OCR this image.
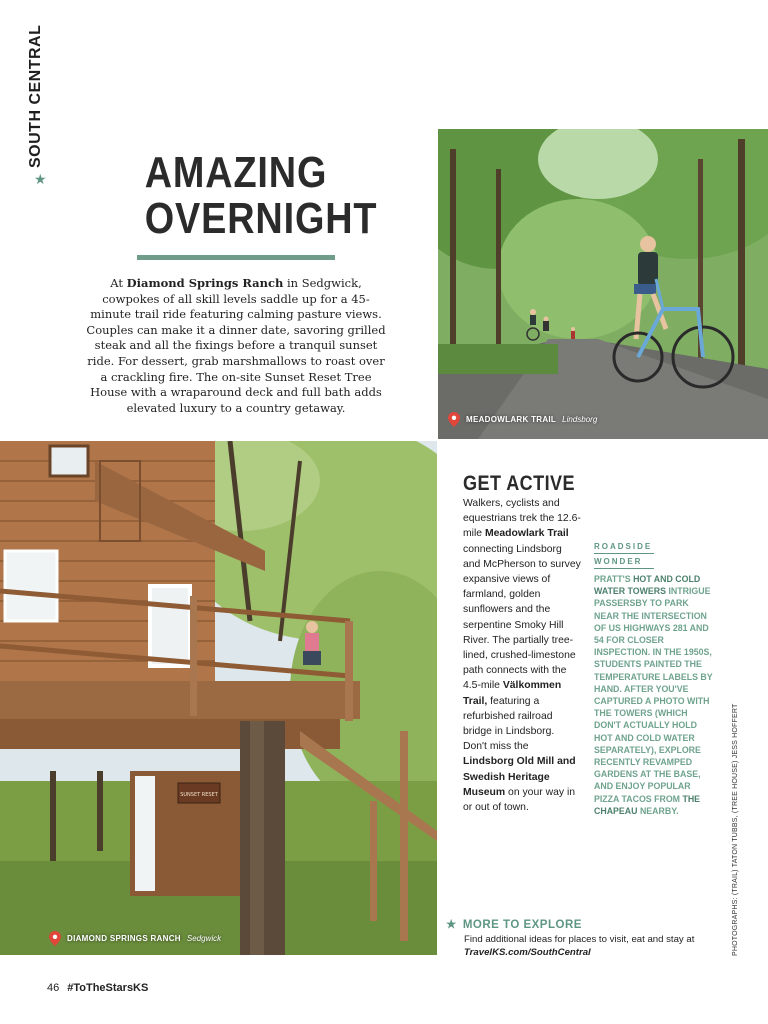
SOUTH CENTRAL
★ AMAZING
OVERNIGHT
At Diamond Springs Ranch in Sedgwick, cowpokes of all skill levels saddle up for a 45-minute trail ride featuring calming pasture views. Couples can make it a dinner date, savoring grilled steak and all the fixings before a tranquil sunset ride. For dessert, grab marshmallows to roast over a crackling fire. The on-site Sunset Reset Tree House with a wraparound deck and full bath adds elevated luxury to a country getaway.
MEADOWLARK TRAIL Lindsborg
SUNSET RESET
DIAMOND SPRINGS RANCH Sedgwick
GET ACTIVE
Walkers, cyclists and equestrians trek the 12.6-mile Meadowlark Trail connecting Lindsborg and McPherson to survey expansive views of farmland, golden sunflowers and the serpentine Smoky Hill River. The partially tree-lined, crushed-limestone path connects with the 4.5-mile Välkommen Trail, featuring a refurbished railroad bridge in Lindsborg. Don't miss the Lindsborg Old Mill and Swedish Heritage Museum on your way in or out of town.
ROADSIDE
WONDER
PRATT'S HOT AND COLD WATER TOWERS INTRIGUE PASSERSBY TO PARK NEAR THE INTERSECTION OF US HIGHWAYS 281 AND 54 FOR CLOSER INSPECTION. IN THE 1950S, STUDENTS PAINTED THE TEMPERATURE LABELS BY HAND. AFTER YOU'VE CAPTURED A PHOTO WITH THE TOWERS (WHICH DON'T ACTUALLY HOLD HOT AND COLD WATER SEPARATELY), EXPLORE RECENTLY REVAMPED GARDENS AT THE BASE, AND ENJOY POPULAR PIZZA TACOS FROM THE CHAPEAU NEARBY.
★ MORE TO EXPLORE
Find additional ideas for places to visit, eat and stay at TravelKS.com/SouthCentral	PHOTOGRAPHS: (TRAIL) TATON TUBBS, (TREE HOUSE) JESS HOFFERT
46 #ToTheStarsKS
